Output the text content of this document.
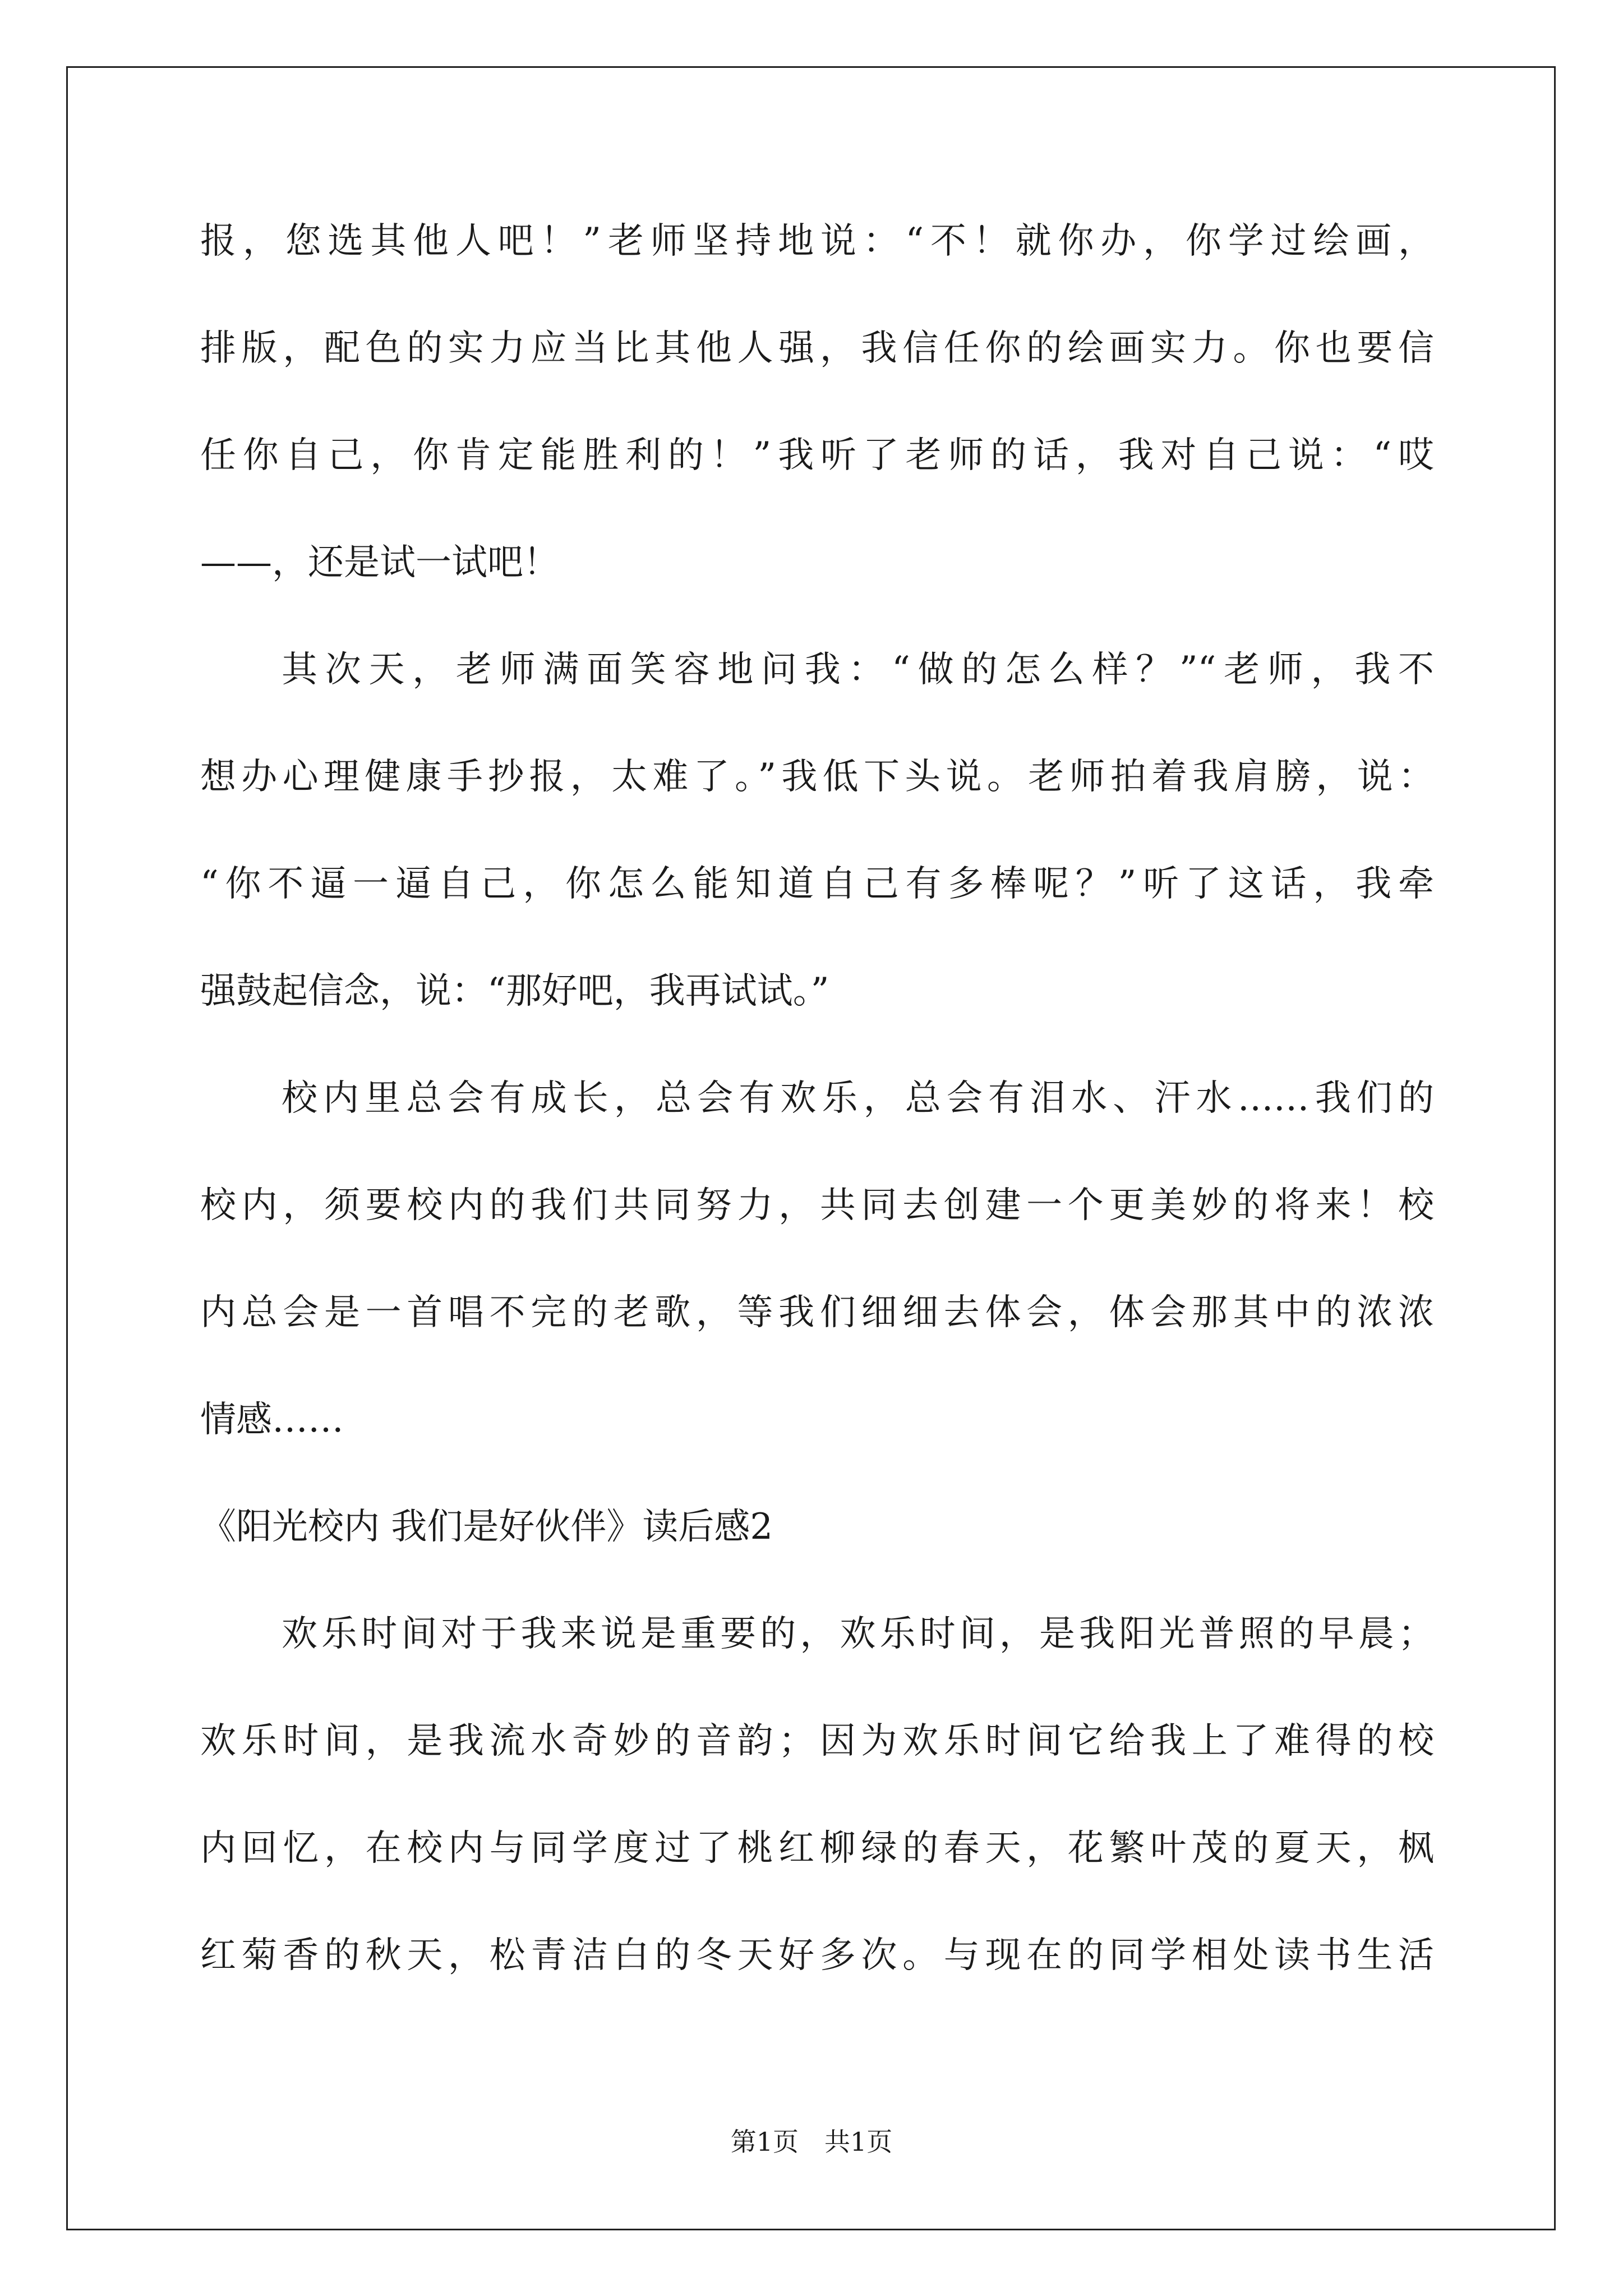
报，您选其他人吧！”老师坚持地说：“不！就你办，你学过绘画，
排版，配色的实力应当比其他人强，我信任你的绘画实力。你也要信
任你自己，你肯定能胜利的！”我听了老师的话，我对自己说：“哎
——，还是试一试吧！
其次天，老师满面笑容地问我：“做的怎么样？”“老师，我不
想办心理健康手抄报，太难了。”我低下头说。老师拍着我肩膀，说：
“你不逼一逼自己，你怎么能知道自己有多棒呢？”听了这话，我牵
强鼓起信念，说：“那好吧，我再试试。”
校内里总会有成长，总会有欢乐，总会有泪水、汗水……我们的
校内，须要校内的我们共同努力，共同去创建一个更美妙的将来！校
内总会是一首唱不完的老歌，等我们细细去体会，体会那其中的浓浓
情感……
《阳光校内 我们是好伙伴》读后感2
欢乐时间对于我来说是重要的，欢乐时间，是我阳光普照的早晨；
欢乐时间，是我流水奇妙的音韵；因为欢乐时间它给我上了难得的校
内回忆，在校内与同学度过了桃红柳绿的春天，花繁叶茂的夏天，枫
红菊香的秋天，松青洁白的冬天好多次。与现在的同学相处读书生活
第1页　共1页
